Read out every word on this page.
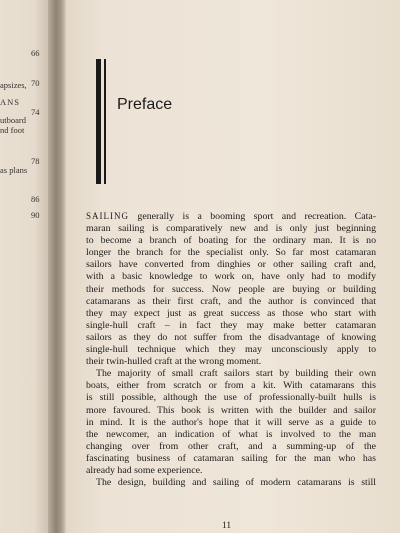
66
70
74
78
86
90
apsizes,
ANS
utboard
nd foot
as plans
Preface
SAILING generally is a booming sport and recreation. Cata-
maran sailing is comparatively new and is only just beginning
to become a branch of boating for the ordinary man. It is no
longer the branch for the specialist only. So far most catamaran
sailors have converted from dinghies or other sailing craft and,
with a basic knowledge to work on, have only had to modify
their methods for success. Now people are buying or building
catamarans as their first craft, and the author is convinced that
they may expect just as great success as those who start with
single-hull craft – in fact they may make better catamaran
sailors as they do not suffer from the disadvantage of knowing
single-hull technique which they may unconsciously apply to
their twin-hulled craft at the wrong moment.
The majority of small craft sailors start by building their own
boats, either from scratch or from a kit. With catamarans this
is still possible, although the use of professionally-built hulls is
more favoured. This book is written with the builder and sailor
in mind. It is the author's hope that it will serve as a guide to
the newcomer, an indication of what is involved to the man
changing over from other craft, and a summing-up of the
fascinating business of catamaran sailing for the man who has
already had some experience.
The design, building and sailing of modern catamarans is still
11
